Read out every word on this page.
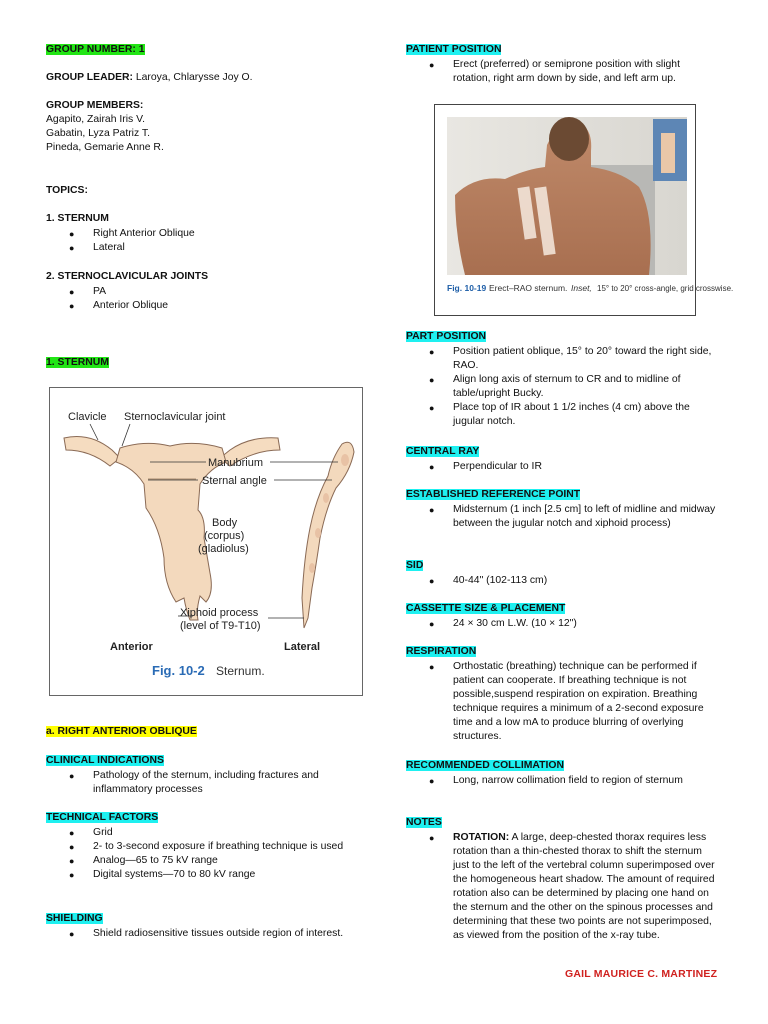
GROUP NUMBER: 1
GROUP LEADER: Laroya, Chlarysse Joy O.
GROUP MEMBERS:
Agapito, Zairah Iris V.
Gabatin, Lyza Patriz T.
Pineda, Gemarie Anne R.
TOPICS:
1. STERNUM
● Right Anterior Oblique
● Lateral
2. STERNOCLAVICULAR JOINTS
● PA
● Anterior Oblique
1. STERNUM
Clavicle Sternoclavicular joint
Manubrium
Sternal angle
Body
(corpus)
(gladiolus)
Xiphoid process
(level of T9-T10)
Anterior	Lateral
Fig. 10-2 Sternum.
a. RIGHT ANTERIOR OBLIQUE
CLINICAL INDICATIONS
● Pathology of the sternum, including fractures and inflammatory processes
TECHNICAL FACTORS
● Grid
● 2- to 3-second exposure if breathing technique is used
● Analog—65 to 75 kV range
● Digital systems—70 to 80 kV range
SHIELDING
● Shield radiosensitive tissues outside region of interest.
PATIENT POSITION
● Erect (preferred) or semiprone position with slight rotation, right arm down by side, and left arm up.
Fig. 10-19 Erect–RAO sternum. Inset, 15° to 20° cross-angle, grid crosswise.
PART POSITION
● Position patient oblique, 15° to 20° toward the right side, RAO.
● Align long axis of sternum to CR and to midline of table/upright Bucky.
● Place top of IR about 1 1/2 inches (4 cm) above the jugular notch.
CENTRAL RAY
● Perpendicular to IR
ESTABLISHED REFERENCE POINT
● Midsternum (1 inch [2.5 cm] to left of midline and midway between the jugular notch and xiphoid process)
SID
● 40-44" (102-113 cm)
CASSETTE SIZE & PLACEMENT
● 24 × 30 cm L.W. (10 × 12")
RESPIRATION
● Orthostatic (breathing) technique can be performed if patient can cooperate. If breathing technique is not possible,suspend respiration on expiration. Breathing technique requires a minimum of a 2-second exposure time and a low mA to produce blurring of overlying structures.
RECOMMENDED COLLIMATION
● Long, narrow collimation field to region of sternum
NOTES
● ROTATION: A large, deep-chested thorax requires less rotation than a thin-chested thorax to shift the sternum just to the left of the vertebral column superimposed over the homogeneous heart shadow. The amount of required rotation also can be determined by placing one hand on the sternum and the other on the spinous processes and determining that these two points are not superimposed, as viewed from the position of the x-ray tube.
GAIL MAURICE C. MARTINEZ
